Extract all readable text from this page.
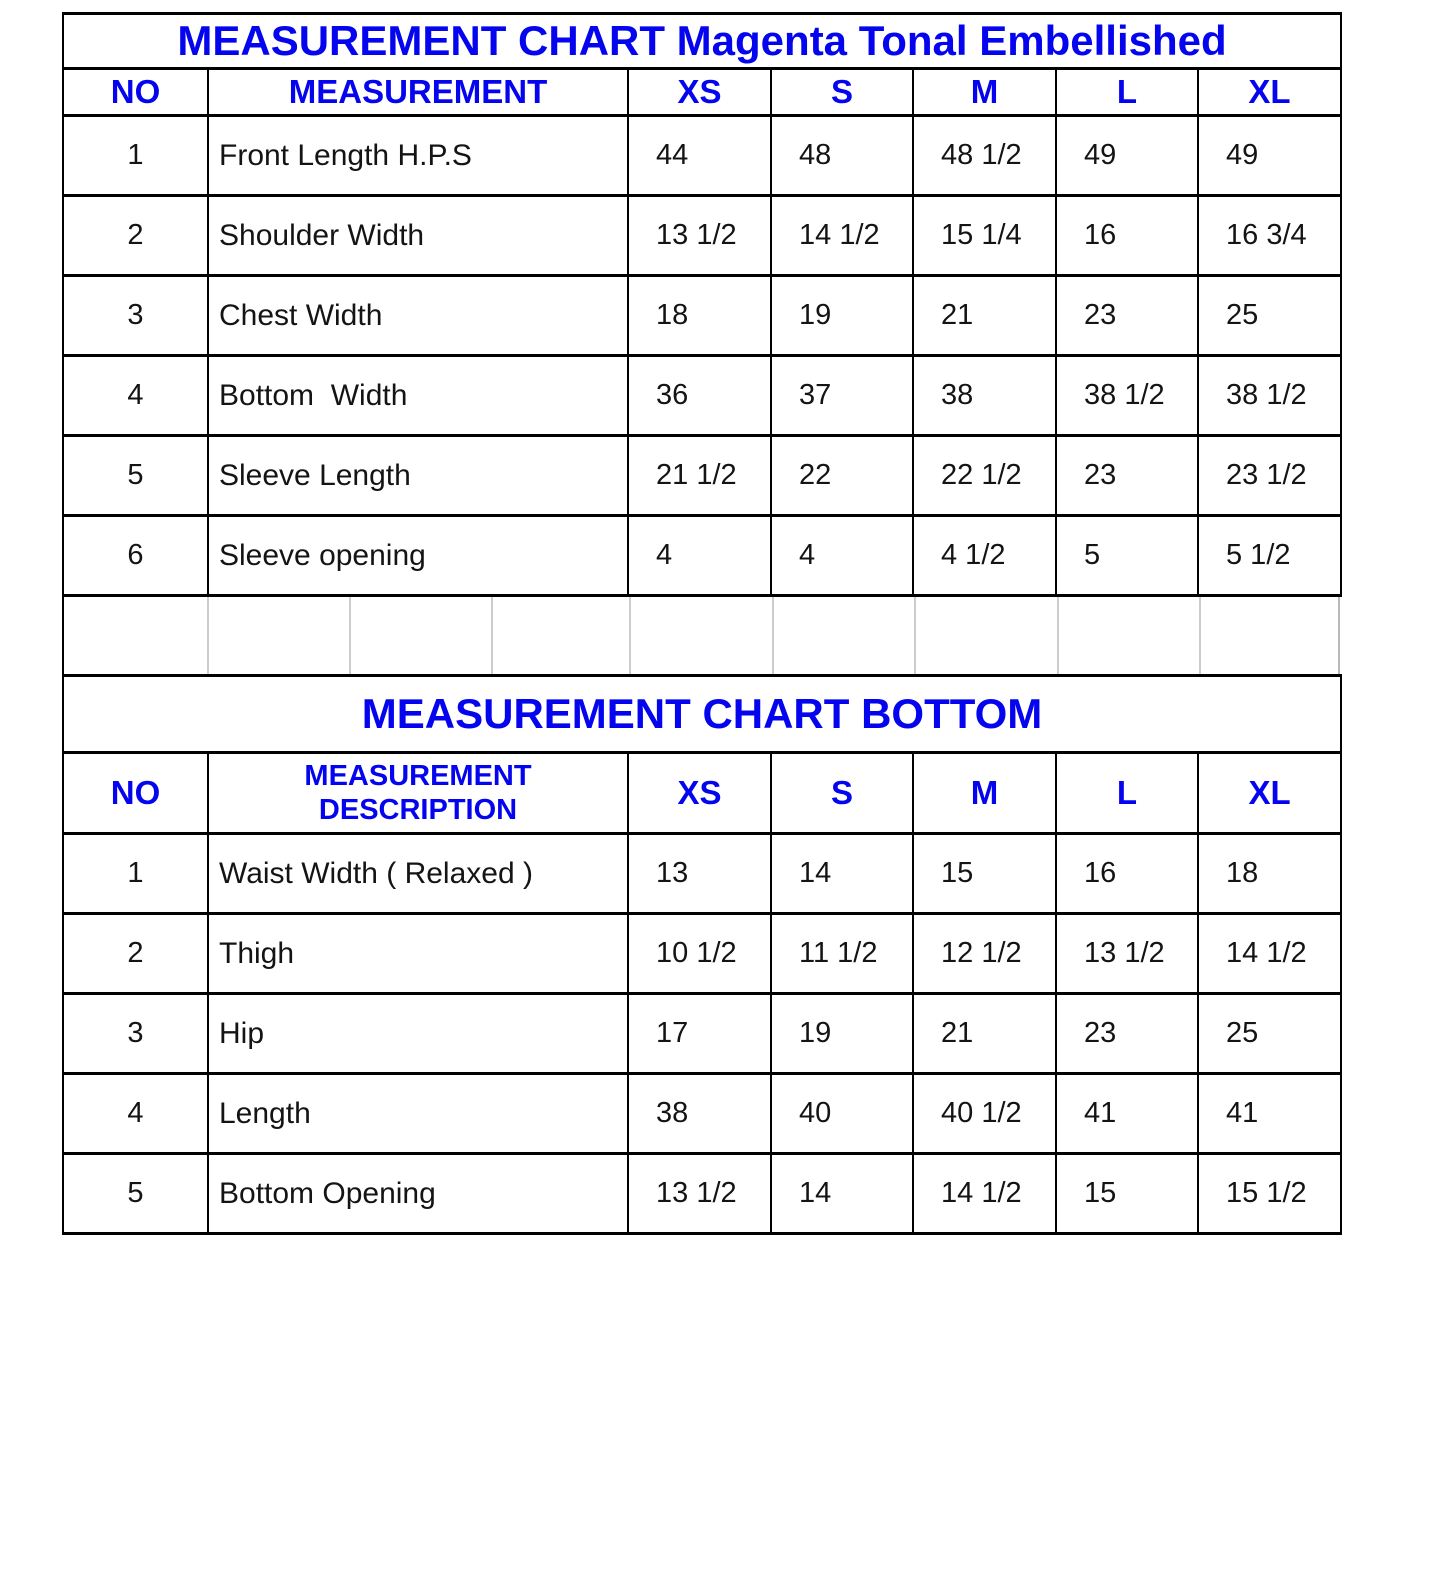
MEASUREMENT CHART Magenta Tonal Embellished						
NO	MEASUREMENT	XS	S	M	L	XL
1	Front Length H.P.S	44	48	48 1/2	49	49
2	Shoulder Width	13 1/2	14 1/2	15 1/4	16	16 3/4
3	Chest Width	18	19	21	23	25
4	Bottom  Width	36	37	38	38 1/2	38 1/2
5	Sleeve Length	21 1/2	22	22 1/2	23	23 1/2
6	Sleeve opening	4	4	4 1/2	5	5 1/2
MEASUREMENT CHART BOTTOM						
NO	MEASUREMENT DESCRIPTION	XS	S	M	L	XL
1	Waist Width ( Relaxed )	13	14	15	16	18
2	Thigh	10 1/2	11 1/2	12 1/2	13 1/2	14 1/2
3	Hip	17	19	21	23	25
4	Length	38	40	40 1/2	41	41
5	Bottom Opening	13 1/2	14	14 1/2	15	15 1/2
